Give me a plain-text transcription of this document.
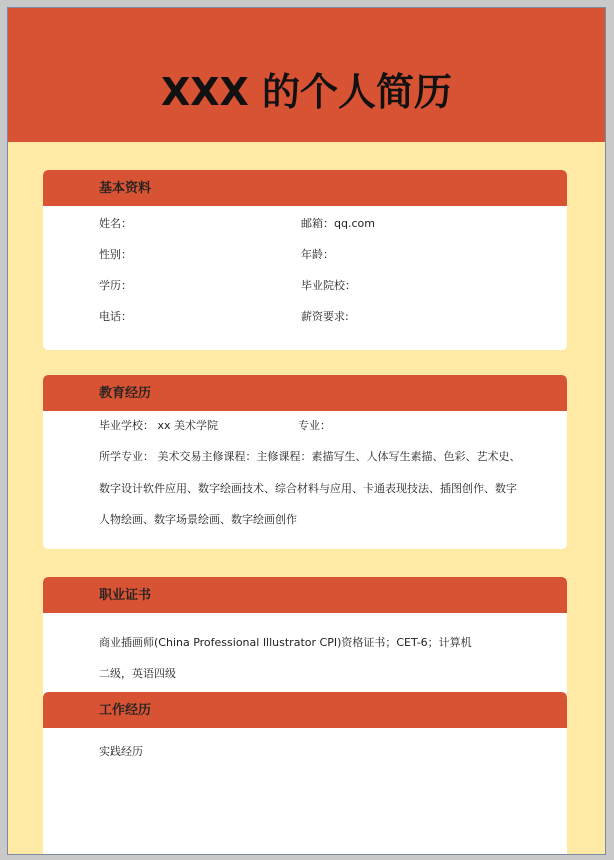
XXX 的个人简历
基本资料
姓名：	邮箱：qq.com
性别：	年龄：
学历：	毕业院校：
电话：	薪资要求:
教育经历
毕业学校： xx 美术学院	专业：
所学专业： 美术交易主修课程：主修课程：素描写生、人体写生素描、色彩、艺术史、
数字设计软件应用、数字绘画技术、综合材料与应用、卡通表现技法、插图创作、数字
人物绘画、数字场景绘画、数字绘画创作
职业证书
商业插画师(China Professional Illustrator CPI)资格证书；CET-6；计算机
二级，英语四级
工作经历
实践经历
